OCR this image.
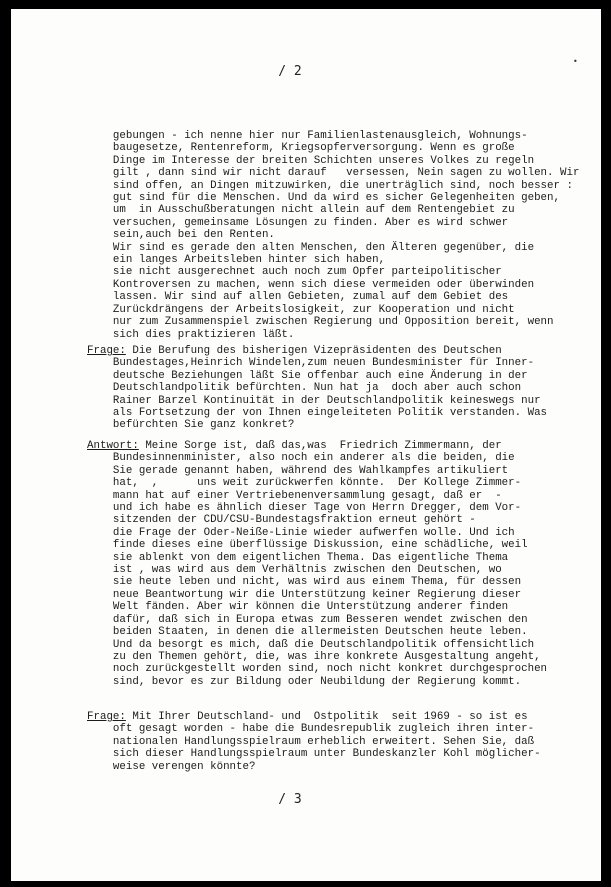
/ 2
•
gebungen - ich nenne hier nur Familienlastenausgleich, Wohnungs-
baugesetze, Rentenreform, Kriegsopferversorgung. Wenn es große
Dinge im Interesse der breiten Schichten unseres Volkes zu regeln
gilt , dann sind wir nicht darauf   versessen, Nein sagen zu wollen. Wir
sind offen, an Dingen mitzuwirken, die unerträglich sind, noch besser :
gut sind für die Menschen. Und da wird es sicher Gelegenheiten geben,
um  in Ausschußberatungen nicht allein auf dem Rentengebiet zu
versuchen, gemeinsame Lösungen zu finden. Aber es wird schwer
sein,auch bei den Renten.
Wir sind es gerade den alten Menschen, den Älteren gegenüber, die
ein langes Arbeitsleben hinter sich haben,
sie nicht ausgerechnet auch noch zum Opfer parteipolitischer
Kontroversen zu machen, wenn sich diese vermeiden oder überwinden
lassen. Wir sind auf allen Gebieten, zumal auf dem Gebiet des
Zurückdrängens der Arbeitslosigkeit, zur Kooperation und nicht
nur zum Zusammenspiel zwischen Regierung und Opposition bereit, wenn
sich dies praktizieren läßt.
Frage: Die Berufung des bisherigen Vizepräsidenten des Deutschen
Bundestages,Heinrich Windelen,zum neuen Bundesminister für Inner-
deutsche Beziehungen läßt Sie offenbar auch eine Änderung in der
Deutschlandpolitik befürchten. Nun hat ja  doch aber auch schon
Rainer Barzel Kontinuität in der Deutschlandpolitik keineswegs nur
als Fortsetzung der von Ihnen eingeleiteten Politik verstanden. Was
befürchten Sie ganz konkret?
Antwort: Meine Sorge ist, daß das,was  Friedrich Zimmermann, der
Bundesinnenminister, also noch ein anderer als die beiden, die
Sie gerade genannt haben, während des Wahlkampfes artikuliert
hat,  ,      uns weit zurückwerfen könnte.  Der Kollege Zimmer-
mann hat auf einer Vertriebenenversammlung gesagt, daß er  -
und ich habe es ähnlich dieser Tage von Herrn Dregger, dem Vor-
sitzenden der CDU/CSU-Bundestagsfraktion erneut gehört -
die Frage der Oder-Neiße-Linie wieder aufwerfen wolle. Und ich
finde dieses eine überflüssige Diskussion, eine schädliche, weil
sie ablenkt von dem eigentlichen Thema. Das eigentliche Thema
ist , was wird aus dem Verhältnis zwischen den Deutschen, wo
sie heute leben und nicht, was wird aus einem Thema, für dessen
neue Beantwortung wir die Unterstützung keiner Regierung dieser
Welt fänden. Aber wir können die Unterstützung anderer finden
dafür, daß sich in Europa etwas zum Besseren wendet zwischen den
beiden Staaten, in denen die allermeisten Deutschen heute leben.
Und da besorgt es mich, daß die Deutschlandpolitik offensichtlich
zu den Themen gehört, die, was ihre konkrete Ausgestaltung angeht,
noch zurückgestellt worden sind, noch nicht konkret durchgesprochen
sind, bevor es zur Bildung oder Neubildung der Regierung kommt.
Frage: Mit Ihrer Deutschland- und  Ostpolitik  seit 1969 - so ist es
oft gesagt worden - habe die Bundesrepublik zugleich ihren inter-
nationalen Handlungsspielraum erheblich erweitert. Sehen Sie, daß
sich dieser Handlungsspielraum unter Bundeskanzler Kohl möglicher-
weise verengen könnte?
/ 3
